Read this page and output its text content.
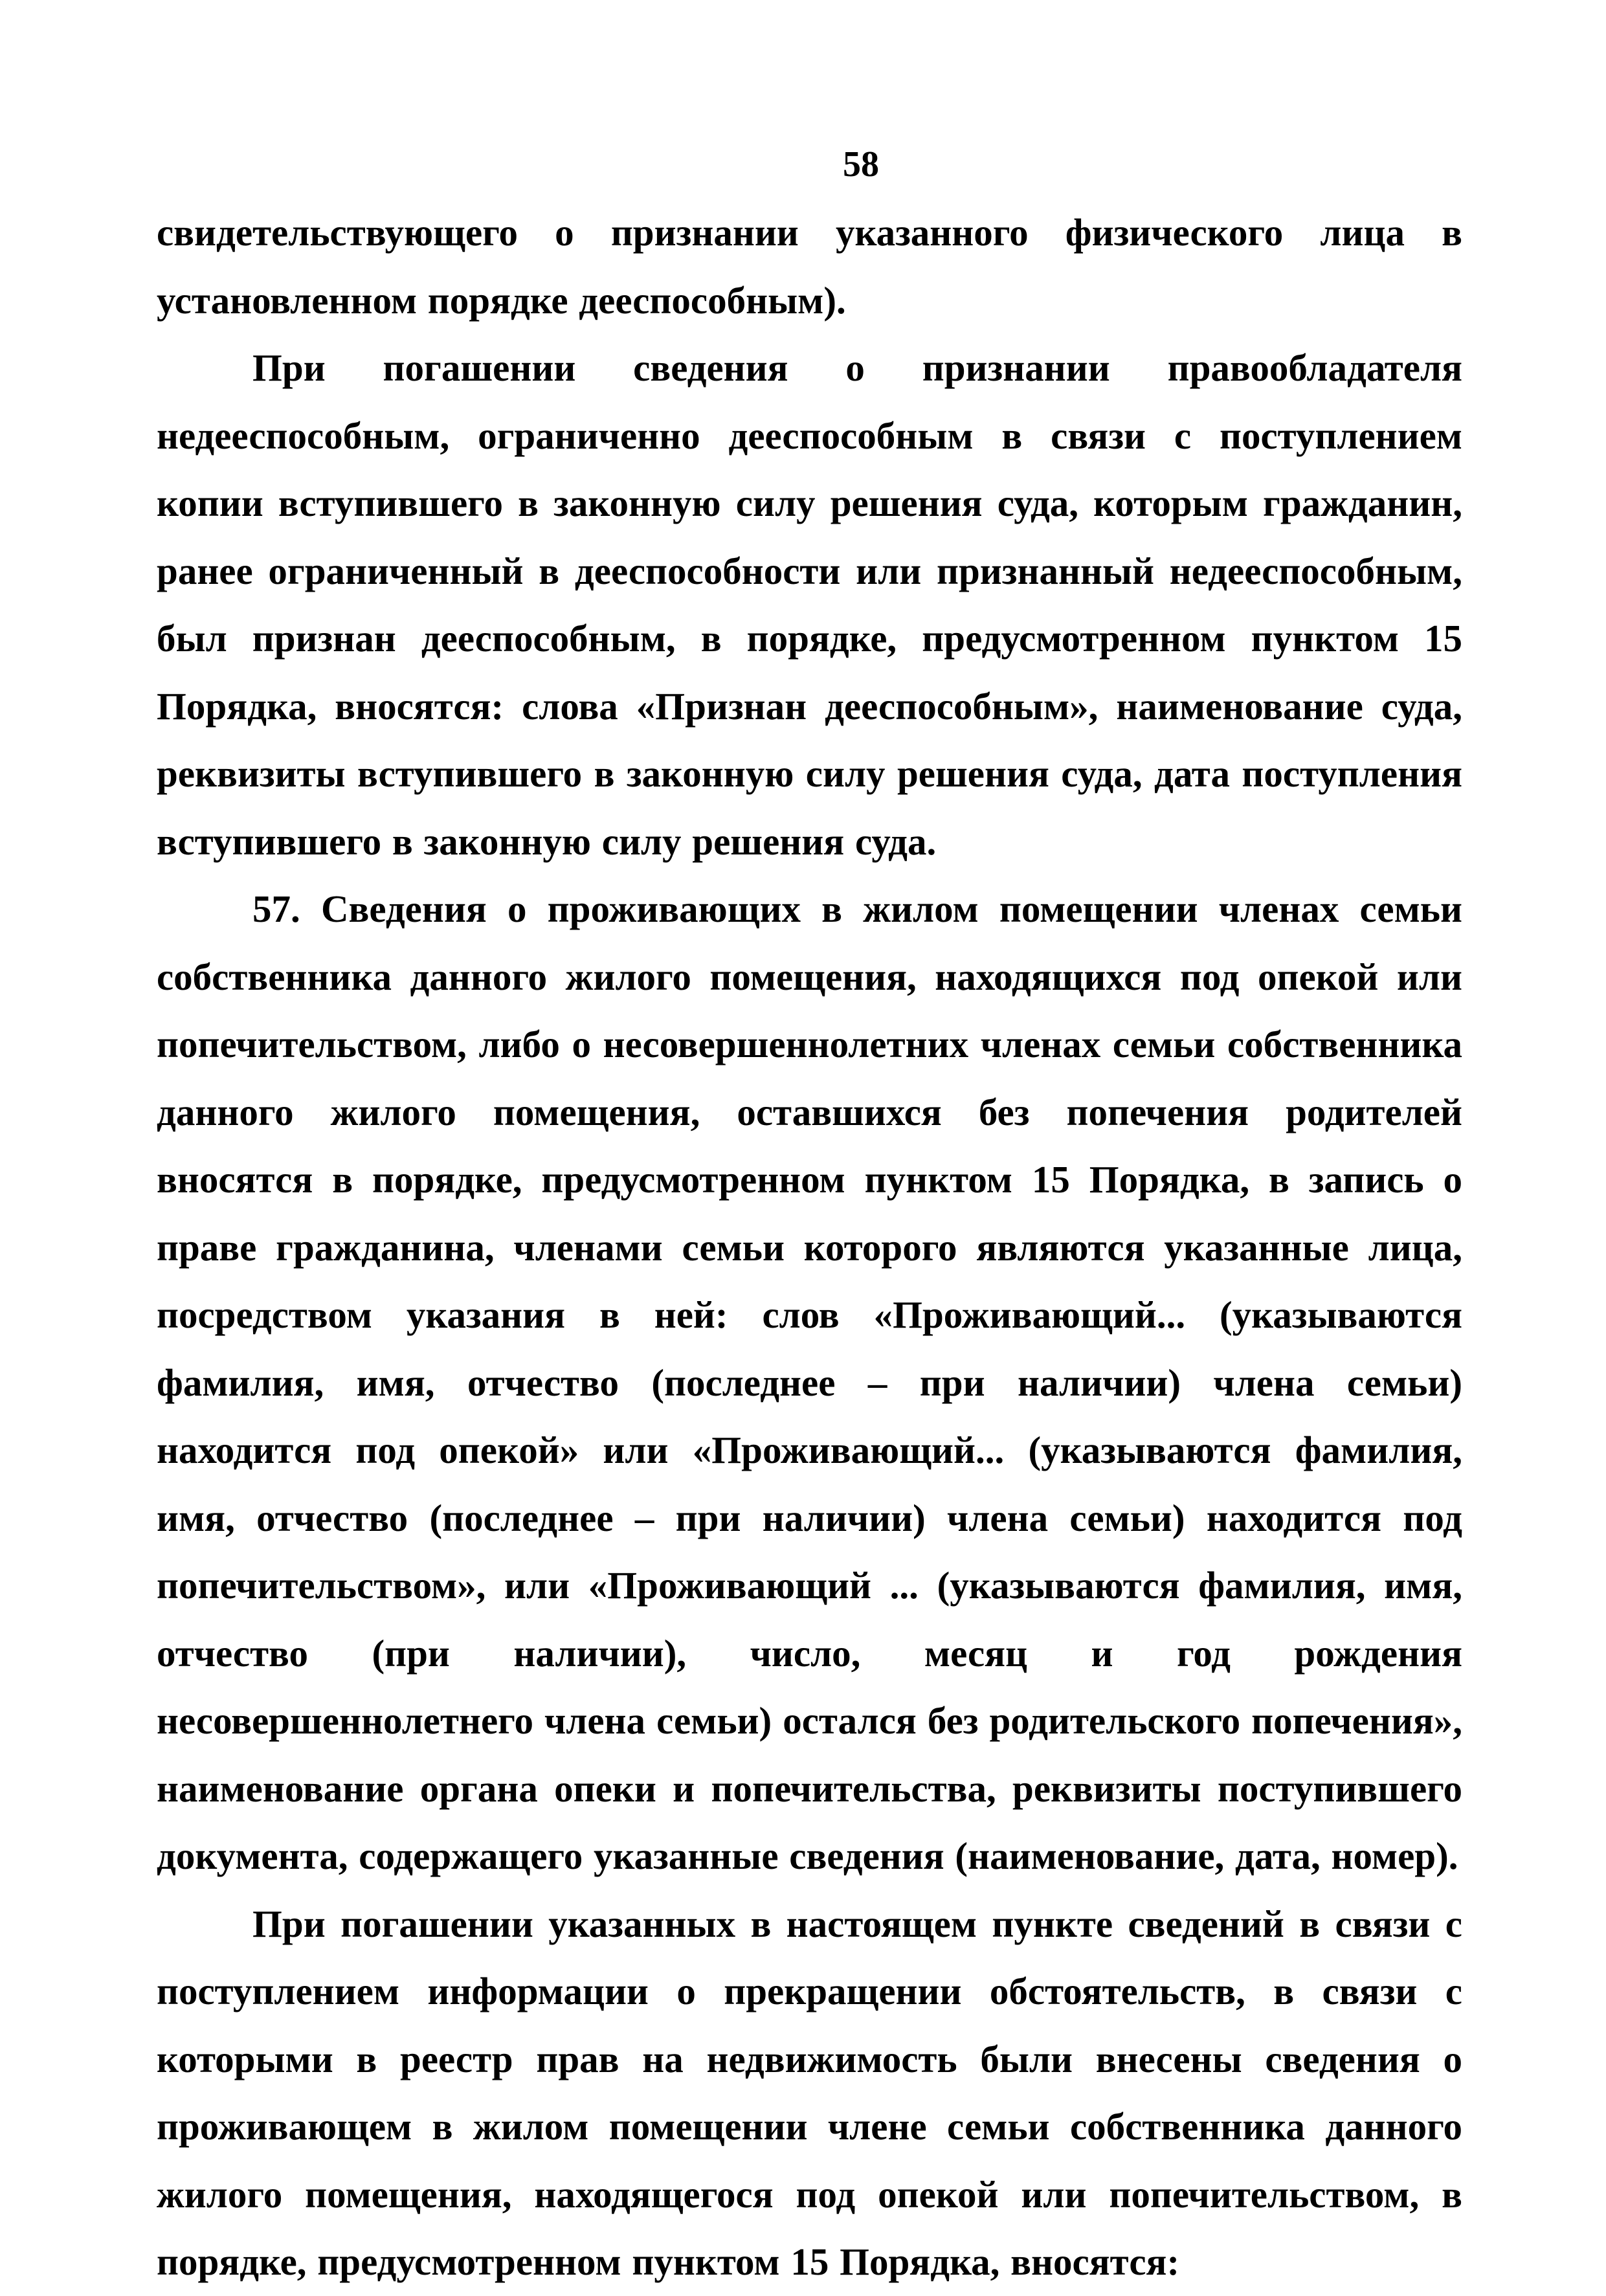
58

свидетельствующего о признании указанного физического лица в установленном порядке дееспособным).

При погашении сведения о признании правообладателя недееспособным, ограниченно дееспособным в связи с поступлением копии вступившего в законную силу решения суда, которым гражданин, ранее ограниченный в дееспособности или признанный недееспособным, был признан дееспособным, в порядке, предусмотренном пунктом 15 Порядка, вносятся: слова «Признан дееспособным», наименование суда, реквизиты вступившего в законную силу решения суда, дата поступления вступившего в законную силу решения суда.

57. Сведения о проживающих в жилом помещении членах семьи собственника данного жилого помещения, находящихся под опекой или попечительством, либо о несовершеннолетних членах семьи собственника данного жилого помещения, оставшихся без попечения родителей вносятся в порядке, предусмотренном пунктом 15 Порядка, в запись о праве гражданина, членами семьи которого являются указанные лица, посредством указания в ней: слов «Проживающий... (указываются фамилия, имя, отчество (последнее – при наличии) члена семьи) находится под опекой» или «Проживающий... (указываются фамилия, имя, отчество (последнее – при наличии) члена семьи) находится под попечительством», или «Проживающий ... (указываются фамилия, имя, отчество (при наличии), число, месяц и год рождения несовершеннолетнего члена семьи) остался без родительского попечения», наименование органа опеки и попечительства, реквизиты поступившего документа, содержащего указанные сведения (наименование, дата, номер).

При погашении указанных в настоящем пункте сведений в связи с поступлением информации о прекращении обстоятельств, в связи с которыми в реестр прав на недвижимость были внесены сведения о проживающем в жилом помещении члене семьи собственника данного жилого помещения, находящегося под опекой или попечительством, в порядке, предусмотренном пунктом 15 Порядка, вносятся:
